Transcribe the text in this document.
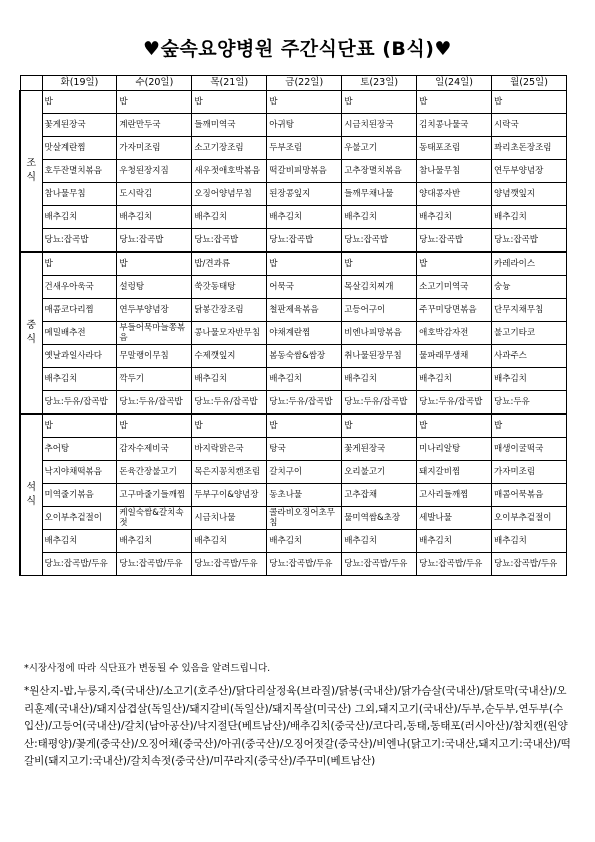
♥숲속요양병원 주간식단표 (B식)♥
	화(19일)	수(20일)	목(21일)	금(22일)	토(23일)	일(24일)	월(25일)
조
식	밥	밥	밥	밥	밥	밥	밥
	꽃게된장국	계란만두국	들깨미역국	아귀탕	시금치된장국	김치콩나물국	시락국
	맛살계란찜	가자미조림	소고기장조림	두부조림	우불고기	동태포조림	꽈리초돈장조림
	호두잔멸치볶음	우청된장지짐	새우젓애호박볶음	떡갈비피망볶음	고추장멸치볶음	참나물무침	연두부양념장
	참나물무침	도시락김	오징어양념무침	된장콩잎지	들깨무채나물	양대콩자반	양념깻잎지
	배추김치	배추김치	배추김치	배추김치	배추김치	배추김치	배추김치
	당뇨:잡곡밥	당뇨:잡곡밥	당뇨:잡곡밥	당뇨:잡곡밥	당뇨:잡곡밥	당뇨:잡곡밥	당뇨:잡곡밥
중
식	밥	밥	밥/견과류	밥	밥	밥	카레라이스
	건새우아욱국	설렁탕	쑥갓동태탕	어묵국	목살김치찌개	소고기미역국	숭늉
	매콤코다리찜	연두부양념장	닭봉간장조림	철판제육볶음	고등어구이	주꾸미당면볶음	단무지채무침
	메밀배추전	부들어묵마늘쫑볶음	콩나물모자반무침	야채계란찜	비엔나피망볶음	애호박감자전	불고기타코
	옛날과일사라다	무말랭이무침	수제깻잎지	봄동숙쌈&쌈장	취나물된장무침	물파래무생채	사과주스
	배추김치	깍두기	배추김치	배추김치	배추김치	배추김치	배추김치
	당뇨:두유/잡곡밥	당뇨:두유/잡곡밥	당뇨:두유/잡곡밥	당뇨:두유/잡곡밥	당뇨:두유/잡곡밥	당뇨:두유/잡곡밥	당뇨:두유
석
식	밥	밥	밥	밥	밥	밥	밥
	추어탕	감자수제비국	바지락맑은국	탕국	꽃게된장국	미나리알탕	매생이굴떡국
	낙지야채떡볶음	돈육간장불고기	목은지꽁치캔조림	갈치구이	오리불고기	돼지갈비찜	가자미조림
	미역줄기볶음	고구마줄기들깨찜	두부구이&양념장	동초나물	고추잡채	고사리들깨찜	매콤어묵볶음
	오이부추겉절이	케일숙쌈&갈치속젓	시금치나물	콜라비오징어초무침	물미역쌈&초장	세발나물	오이부추겉절이
	배추김치	배추김치	배추김치	배추김치	배추김치	배추김치	배추김치
	당뇨:잡곡밥/두유	당뇨:잡곡밥/두유	당뇨:잡곡밥/두유	당뇨:잡곡밥/두유	당뇨:잡곡밥/두유	당뇨:잡곡밥/두유	당뇨:잡곡밥/두유
*시장사정에 따라 식단표가 변동될 수 있음을 알려드립니다.
*원산지-밥,누룽지,죽(국내산)/소고기(호주산)/닭다리살정육(브라질)/닭봉(국내산)/닭가슴살(국내산)/닭토막(국내산)/오리훈제(국내산)/돼지삼겹살(독일산)/돼지갈비(독일산)/돼지목살(미국산) 그외,돼지고기(국내산)/두부,순두부,연두부(수입산)/고등어(국내산)/갈치(남아공산)/낙지절단(베트남산)/배추김치(중국산)/코다리,동태,동태포(러시아산)/참치캔(원양산:태평양)/꽃게(중국산)/오징어채(중국산)/아귀(중국산)/오징어젓갈(중국산)/비엔나(닭고기:국내산,돼지고기:국내산)/떡갈비(돼지고기:국내산)/갈치속젓(중국산)/미꾸라지(중국산)/주꾸미(베트남산)
